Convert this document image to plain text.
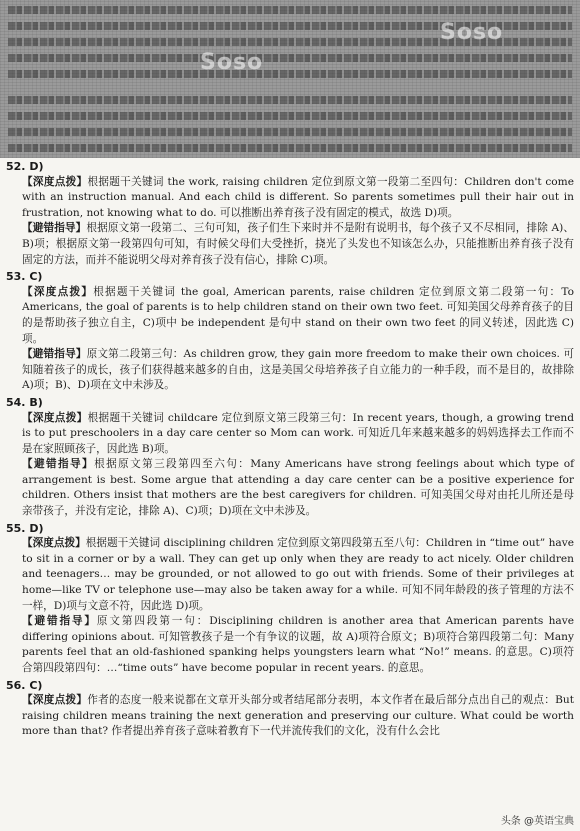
Soso
Soso
52. D)

【深度点拨】根据题干关键词 the work, raising children 定位到原文第一段第二至四句：Children don't come with an instruction manual. And each child is different. So parents sometimes pull their hair out in frustration, not knowing what to do. 可以推断出养育孩子没有固定的模式，故选 D)项。

【避错指导】根据原文第一段第二、三句可知，孩子们生下来时并不是附有说明书，每个孩子又不尽相同，排除 A)、B)项；根据原文第一段第四句可知，有时候父母们大受挫折，挠光了头发也不知该怎么办，只能推断出养育孩子没有固定的方法，而并不能说明父母对养育孩子没有信心，排除 C)项。

53. C)

【深度点拨】根据题干关键词 the goal, American parents, raise children 定位到原文第二段第一句：To Americans, the goal of parents is to help children stand on their own two feet. 可知美国父母养育孩子的目的是帮助孩子独立自主，C)项中 be independent 是句中 stand on their own two feet 的同义转述，因此选 C)项。

【避错指导】原文第二段第三句：As children grow, they gain more freedom to make their own choices. 可知随着孩子的成长，孩子们获得越来越多的自由，这是美国父母培养孩子自立能力的一种手段，而不是目的，故排除 A)项；B)、D)项在文中未涉及。

54. B)

【深度点拨】根据题干关键词 childcare 定位到原文第三段第三句：In recent years, though, a growing trend is to put preschoolers in a day care center so Mom can work. 可知近几年来越来越多的妈妈选择去工作而不是在家照顾孩子，因此选 B)项。

【避错指导】根据原文第三段第四至六句：Many Americans have strong feelings about which type of arrangement is best. Some argue that attending a day care center can be a positive experience for children. Others insist that mothers are the best caregivers for children. 可知美国父母对由托儿所还是母亲带孩子，并没有定论，排除 A)、C)项；D)项在文中未涉及。

55. D)

【深度点拨】根据题干关键词 disciplining children 定位到原文第四段第五至八句：Children in “time out” have to sit in a corner or by a wall. They can get up only when they are ready to act nicely. Older children and teenagers… may be grounded, or not allowed to go out with friends. Some of their privileges at home—like TV or telephone use—may also be taken away for a while. 可知不同年龄段的孩子管理的方法不一样，D)项与文意不符，因此选 D)项。

【避错指导】原文第四段第一句：Disciplining children is another area that American parents have differing opinions about. 可知管教孩子是一个有争议的议题，故 A)项符合原文；B)项符合第四段第二句：Many parents feel that an old-fashioned spanking helps youngsters learn what “No!” means. 的意思。C)项符合第四段第四句：…“time outs” have become popular in recent years. 的意思。

56. C)

【深度点拨】作者的态度一般来说都在文章开头部分或者结尾部分表明，本文作者在最后部分点出自己的观点：But raising children means training the next generation and preserving our culture. What could be worth more than that? 作者提出养育孩子意味着教育下一代并流传我们的文化，没有什么会比

头条 @英语宝典
